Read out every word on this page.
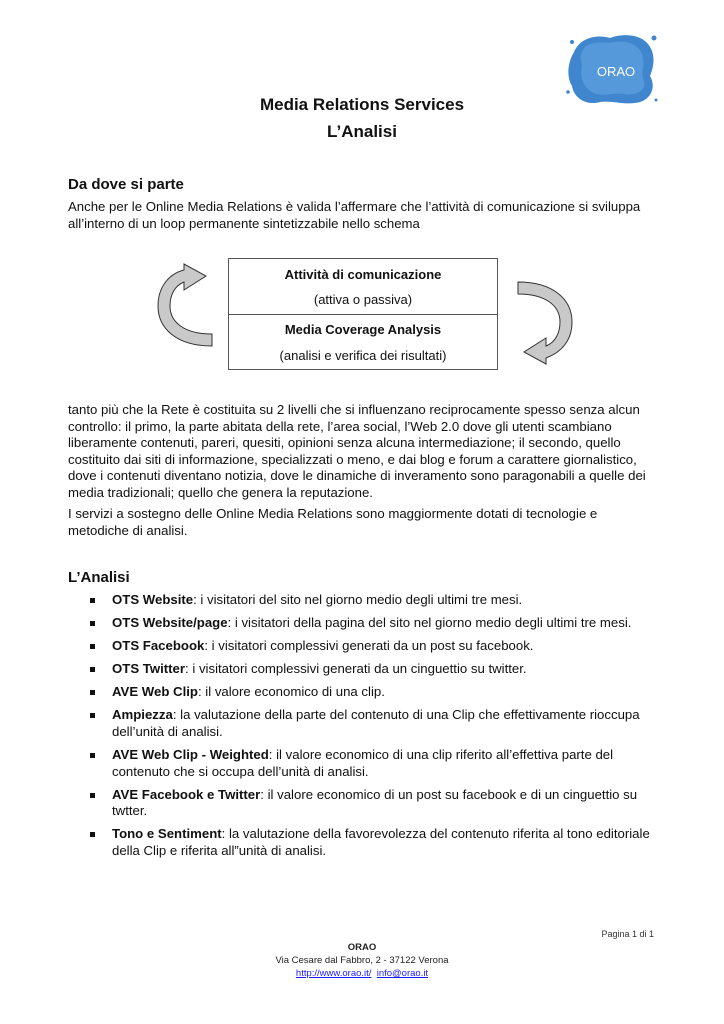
ORAO
Media Relations Services
L’Analisi
Da dove si parte
Anche per le Online Media Relations è valida l’affermare che l’attività di comunicazione si sviluppa all’interno di un loop permanente sintetizzabile nello schema
Attività di comunicazione
(attiva o passiva)
Media Coverage Analysis
(analisi e verifica dei risultati)
tanto più che la Rete è costituita su 2 livelli che si influenzano reciprocamente spesso senza alcun controllo: il primo, la parte abitata della rete, l’area social, l’Web 2.0 dove gli utenti scambiano liberamente contenuti, pareri, quesiti, opinioni senza alcuna intermediazione; il secondo, quello costituito dai siti di informazione, specializzati o meno, e dai blog e forum a carattere giornalistico, dove i contenuti diventano notizia, dove le dinamiche di inveramento sono paragonabili a quelle dei media tradizionali; quello che genera la reputazione.
I servizi a sostegno delle Online Media Relations sono maggiormente dotati di tecnologie e metodiche di analisi.
L’Analisi
OTS Website: i visitatori del sito nel giorno medio degli ultimi tre mesi.
OTS Website/page: i visitatori della pagina del sito nel giorno medio degli ultimi tre mesi.
OTS Facebook: i visitatori complessivi generati da un post su facebook.
OTS Twitter: i visitatori complessivi generati da un cinguettio su twitter.
AVE Web Clip: il valore economico di una clip.
Ampiezza: la valutazione della parte del contenuto di una Clip che effettivamente rioccupa dell’unità di analisi.
AVE Web Clip - Weighted: il valore economico di una clip riferito all’effettiva parte del contenuto che si occupa dell’unità di analisi.
AVE Facebook e Twitter: il valore economico di un post su facebook e di un cinguettio su twtter.
Tono e Sentiment: la valutazione della favorevolezza del contenuto riferita al tono editoriale della Clip e riferita all”unità di analisi.
Pagina 1 di 1
ORAO
Via Cesare dal Fabbro, 2 - 37122 Verona
http://www.orao.it/ info@orao.it
